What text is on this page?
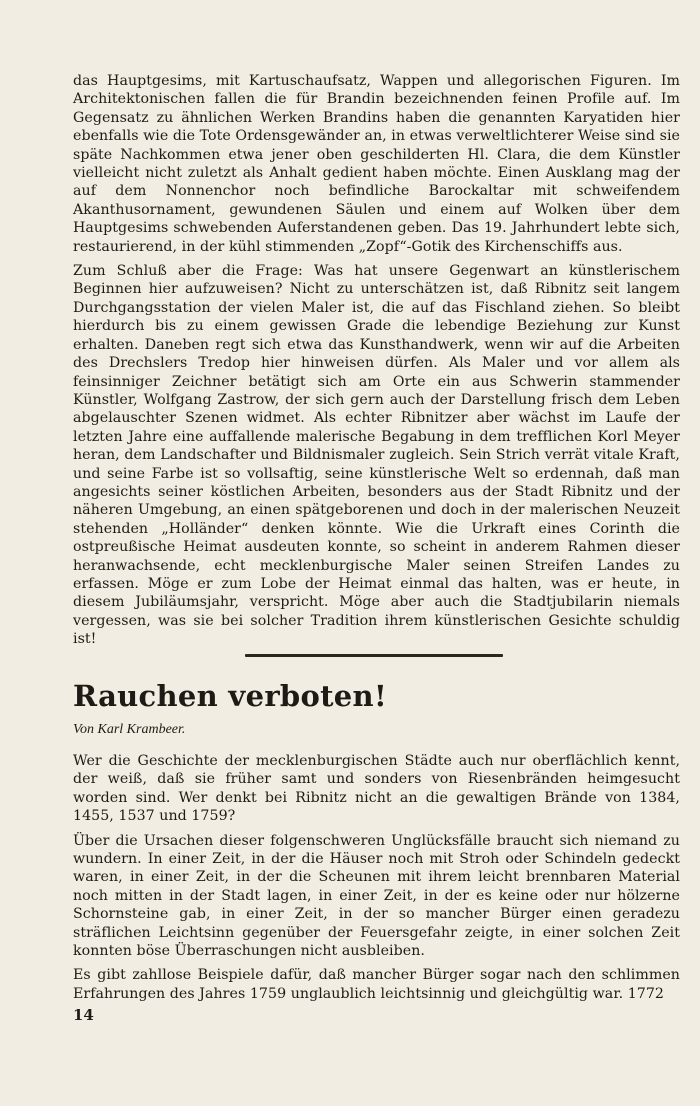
das Hauptgesims, mit Kartuschaufsatz, Wappen und allegorischen Figuren. Im Architektonischen fallen die für Brandin bezeichnenden feinen Profile auf. Im Gegensatz zu ähnlichen Werken Brandins haben die genannten Karyatiden hier ebenfalls wie die Tote Ordensgewänder an, in etwas verweltlichterer Weise sind sie späte Nachkommen etwa jener oben geschilderten Hl. Clara, die dem Künstler vielleicht nicht zuletzt als Anhalt gedient haben möchte. Einen Ausklang mag der auf dem Nonnenchor noch befindliche Barockaltar mit schweifendem Akanthusornament, gewundenen Säulen und einem auf Wolken über dem Hauptgesims schwebenden Auferstandenen geben. Das 19. Jahrhundert lebte sich, restaurierend, in der kühl stimmenden „Zopf“-Gotik des Kirchenschiffs aus.

Zum Schluß aber die Frage: Was hat unsere Gegenwart an künstlerischem Beginnen hier aufzuweisen? Nicht zu unterschätzen ist, daß Ribnitz seit langem Durchgangsstation der vielen Maler ist, die auf das Fischland ziehen. So bleibt hierdurch bis zu einem gewissen Grade die lebendige Beziehung zur Kunst erhalten. Daneben regt sich etwa das Kunsthandwerk, wenn wir auf die Arbeiten des Drechslers Tredop hier hinweisen dürfen. Als Maler und vor allem als feinsinniger Zeichner betätigt sich am Orte ein aus Schwerin stammender Künstler, Wolfgang Zastrow, der sich gern auch der Darstellung frisch dem Leben abgelauschter Szenen widmet. Als echter Ribnitzer aber wächst im Laufe der letzten Jahre eine auffallende malerische Begabung in dem trefflichen Korl Meyer heran, dem Landschafter und Bildnismaler zugleich. Sein Strich verrät vitale Kraft, und seine Farbe ist so vollsaftig, seine künstlerische Welt so erdennah, daß man angesichts seiner köstlichen Arbeiten, besonders aus der Stadt Ribnitz und der näheren Umgebung, an einen spätgeborenen und doch in der malerischen Neuzeit stehenden „Holländer“ denken könnte. Wie die Urkraft eines Corinth die ostpreußische Heimat ausdeuten konnte, so scheint in anderem Rahmen dieser heranwachsende, echt mecklenburgische Maler seinen Streifen Landes zu erfassen. Möge er zum Lobe der Heimat einmal das halten, was er heute, in diesem Jubiläumsjahr, verspricht. Möge aber auch die Stadtjubilarin niemals vergessen, was sie bei solcher Tradition ihrem künstlerischen Gesichte schuldig ist!

Rauchen verboten!

Von Karl Krambeer.

Wer die Geschichte der mecklenburgischen Städte auch nur oberflächlich kennt, der weiß, daß sie früher samt und sonders von Riesenbränden heimgesucht worden sind. Wer denkt bei Ribnitz nicht an die gewaltigen Brände von 1384, 1455, 1537 und 1759?

Über die Ursachen dieser folgenschweren Unglücksfälle braucht sich niemand zu wundern. In einer Zeit, in der die Häuser noch mit Stroh oder Schindeln gedeckt waren, in einer Zeit, in der die Scheunen mit ihrem leicht brennbaren Material noch mitten in der Stadt lagen, in einer Zeit, in der es keine oder nur hölzerne Schornsteine gab, in einer Zeit, in der so mancher Bürger einen geradezu sträflichen Leichtsinn gegenüber der Feuersgefahr zeigte, in einer solchen Zeit konnten böse Überraschungen nicht ausbleiben.

Es gibt zahllose Beispiele dafür, daß mancher Bürger sogar nach den schlimmen Erfahrungen des Jahres 1759 unglaublich leichtsinnig und gleichgültig war. 1772

14
